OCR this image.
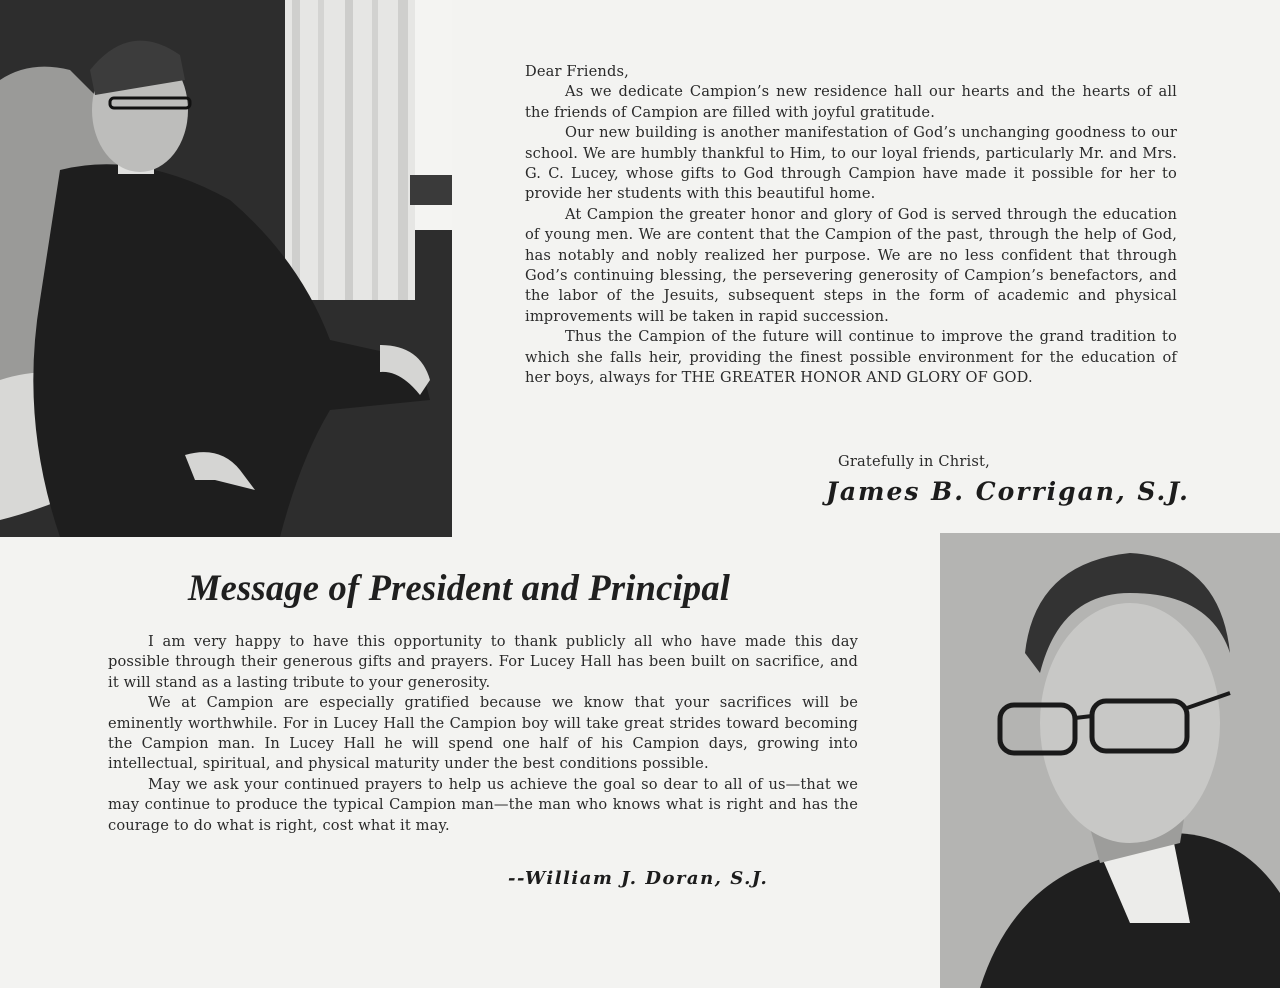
Dear Friends,

As we dedicate Campion’s new residence hall our hearts and the hearts of all the friends of Campion are filled with joyful gratitude.

Our new building is another manifestation of God’s unchanging goodness to our school. We are humbly thankful to Him, to our loyal friends, particularly Mr. and Mrs. G. C. Lucey, whose gifts to God through Campion have made it possible for her to provide her students with this beautiful home.

At Campion the greater honor and glory of God is served through the education of young men. We are content that the Campion of the past, through the help of God, has notably and nobly realized her purpose. We are no less confident that through God’s continuing blessing, the persevering generosity of Campion’s benefactors, and the labor of the Jesuits, subsequent steps in the form of academic and physical improvements will be taken in rapid succession.

Thus the Campion of the future will continue to improve the grand tradition to which she falls heir, providing the finest possible environment for the education of her boys, always for THE GREATER HONOR AND GLORY OF GOD.

Gratefully in Christ,
James B. Corrigan, S.J.
Message of President and Principal

I am very happy to have this opportunity to thank publicly all who have made this day possible through their generous gifts and prayers. For Lucey Hall has been built on sacrifice, and it will stand as a lasting tribute to your generosity.

We at Campion are especially gratified because we know that your sacrifices will be eminently worthwhile. For in Lucey Hall the Campion boy will take great strides toward becoming the Campion man. In Lucey Hall he will spend one half of his Campion days, growing into intellectual, spiritual, and physical maturity under the best conditions possible.

May we ask your continued prayers to help us achieve the goal so dear to all of us—that we may continue to produce the typical Campion man—the man who knows what is right and has the courage to do what is right, cost what it may.

--William J. Doran, S.J.
